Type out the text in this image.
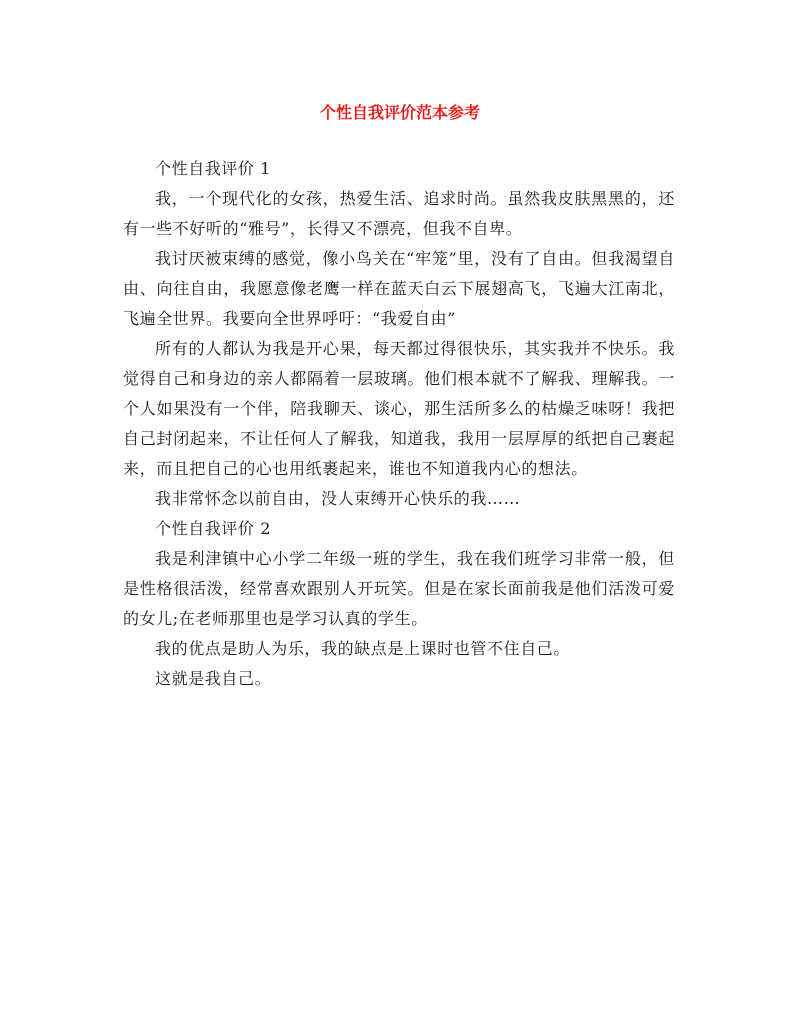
个性自我评价范本参考

个性自我评价 1

我，一个现代化的女孩，热爱生活、追求时尚。虽然我皮肤黑黑的，还有一些不好听的“雅号”，长得又不漂亮，但我不自卑。

我讨厌被束缚的感觉，像小鸟关在“牢笼”里，没有了自由。但我渴望自由、向往自由，我愿意像老鹰一样在蓝天白云下展翅高飞，飞遍大江南北，飞遍全世界。我要向全世界呼吁：“我爱自由”

所有的人都认为我是开心果，每天都过得很快乐，其实我并不快乐。我觉得自己和身边的亲人都隔着一层玻璃。他们根本就不了解我、理解我。一个人如果没有一个伴，陪我聊天、谈心，那生活所多么的枯燥乏味呀！我把自己封闭起来，不让任何人了解我，知道我，我用一层厚厚的纸把自己裹起来，而且把自己的心也用纸裹起来，谁也不知道我内心的想法。

我非常怀念以前自由，没人束缚开心快乐的我……

个性自我评价 2

我是利津镇中心小学二年级一班的学生，我在我们班学习非常一般，但是性格很活泼，经常喜欢跟别人开玩笑。但是在家长面前我是他们活泼可爱的女儿;在老师那里也是学习认真的学生。

我的优点是助人为乐，我的缺点是上课时也管不住自己。

这就是我自己。
